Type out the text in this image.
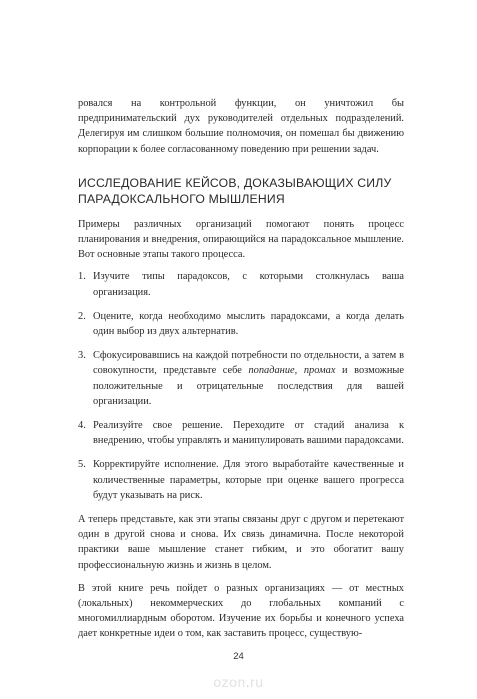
ровался на контрольной функции, он уничтожил бы предпринимательский дух руководителей отдельных подразделений. Делегируя им слишком большие полномочия, он помешал бы движению корпорации к более согласованному поведению при решении задач.

ИССЛЕДОВАНИЕ КЕЙСОВ, ДОКАЗЫВАЮЩИХ СИЛУ ПАРАДОКСАЛЬНОГО МЫШЛЕНИЯ

Примеры различных организаций помогают понять процесс планирования и внедрения, опирающийся на парадоксальное мышление. Вот основные этапы такого процесса.

1. Изучите типы парадоксов, с которыми столкнулась ваша организация.
2. Оцените, когда необходимо мыслить парадоксами, а когда делать один выбор из двух альтернатив.
3. Сфокусировавшись на каждой потребности по отдельности, а затем в совокупности, представьте себе попадание, промах и возможные положительные и отрицательные последствия для вашей организации.
4. Реализуйте свое решение. Переходите от стадий анализа к внедрению, чтобы управлять и манипулировать вашими парадоксами.
5. Корректируйте исполнение. Для этого выработайте качественные и количественные параметры, которые при оценке вашего прогресса будут указывать на риск.

А теперь представьте, как эти этапы связаны друг с другом и перетекают один в другой снова и снова. Их связь динамична. После некоторой практики ваше мышление станет гибким, и это обогатит вашу профессиональную жизнь и жизнь в целом.

В этой книге речь пойдет о разных организациях — от местных (локальных) некоммерческих до глобальных компаний с многомиллиардным оборотом. Изучение их борьбы и конечного успеха дает конкретные идеи о том, как заставить процесс, существую-

24
ozon.ru
